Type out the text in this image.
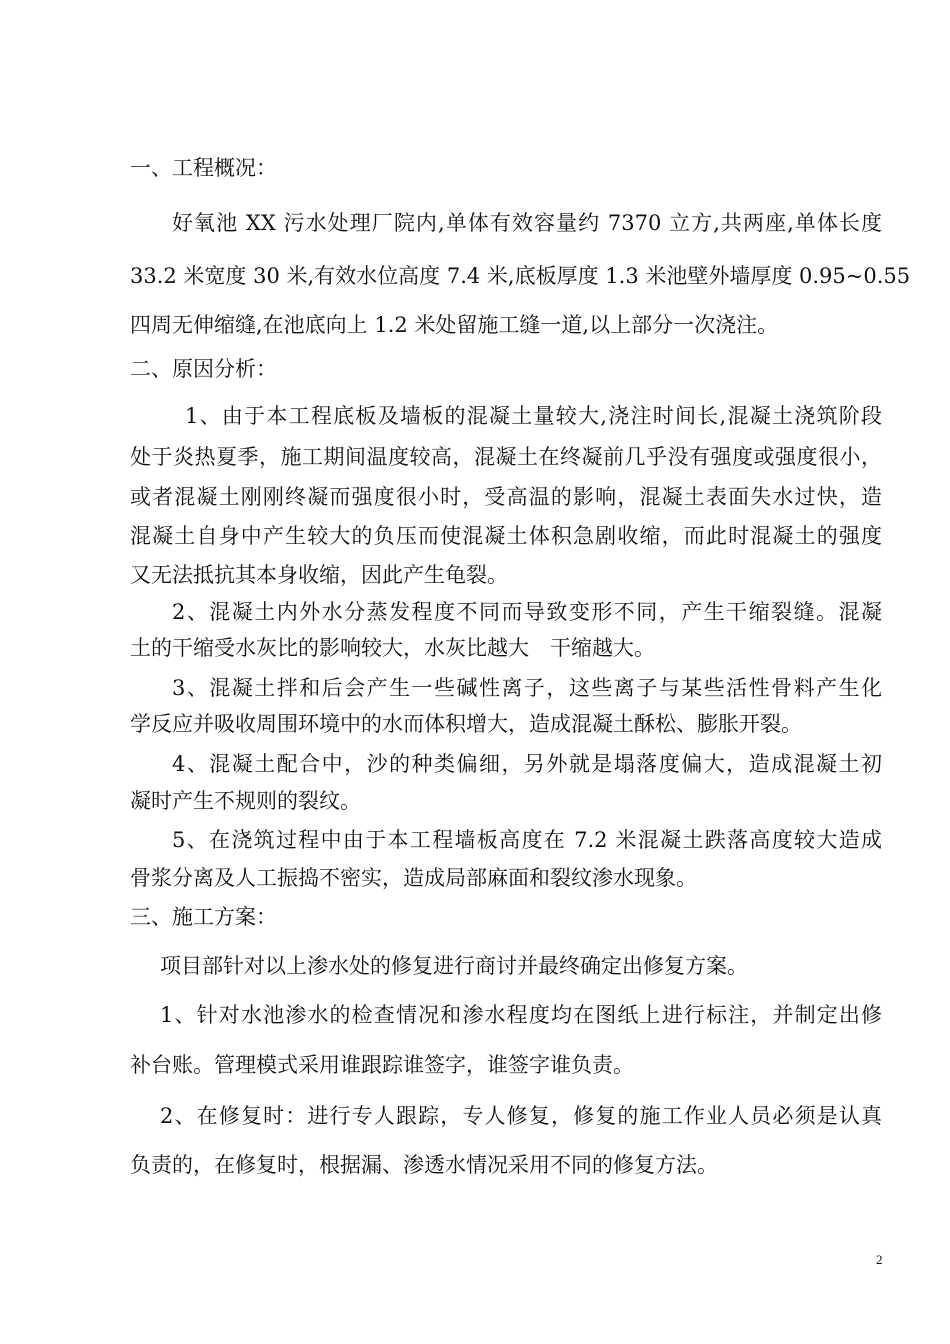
一、工程概况：
好氧池 XX 污水处理厂院内,单体有效容量约 7370 立方,共两座,单体长度
33.2 米宽度 30 米,有效水位高度 7.4 米,底板厚度 1.3 米池壁外墙厚度 0.95~0.55
四周无伸缩缝,在池底向上 1.2 米处留施工缝一道,以上部分一次浇注。
二、原因分析：
1、由于本工程底板及墙板的混凝土量较大,浇注时间长,混凝土浇筑阶段
处于炎热夏季，施工期间温度较高，混凝土在终凝前几乎没有强度或强度很小，
或者混凝土刚刚终凝而强度很小时，受高温的影响，混凝土表面失水过快，造
混凝土自身中产生较大的负压而使混凝土体积急剧收缩，而此时混凝土的强度
又无法抵抗其本身收缩，因此产生龟裂。
2、混凝土内外水分蒸发程度不同而导致变形不同，产生干缩裂缝。混凝
土的干缩受水灰比的影响较大，水灰比越大　干缩越大。
3、混凝土拌和后会产生一些碱性离子，这些离子与某些活性骨料产生化
学反应并吸收周围环境中的水而体积增大，造成混凝土酥松、膨胀开裂。
4、混凝土配合中，沙的种类偏细，另外就是塌落度偏大，造成混凝土初
凝时产生不规则的裂纹。
5、在浇筑过程中由于本工程墙板高度在 7.2 米混凝土跌落高度较大造成
骨浆分离及人工振捣不密实，造成局部麻面和裂纹渗水现象。
三、施工方案：
项目部针对以上渗水处的修复进行商讨并最终确定出修复方案。
1、针对水池渗水的检查情况和渗水程度均在图纸上进行标注，并制定出修
补台账。管理模式采用谁跟踪谁签字，谁签字谁负责。
2、在修复时：进行专人跟踪，专人修复，修复的施工作业人员必须是认真
负责的，在修复时，根据漏、渗透水情况采用不同的修复方法。
2
